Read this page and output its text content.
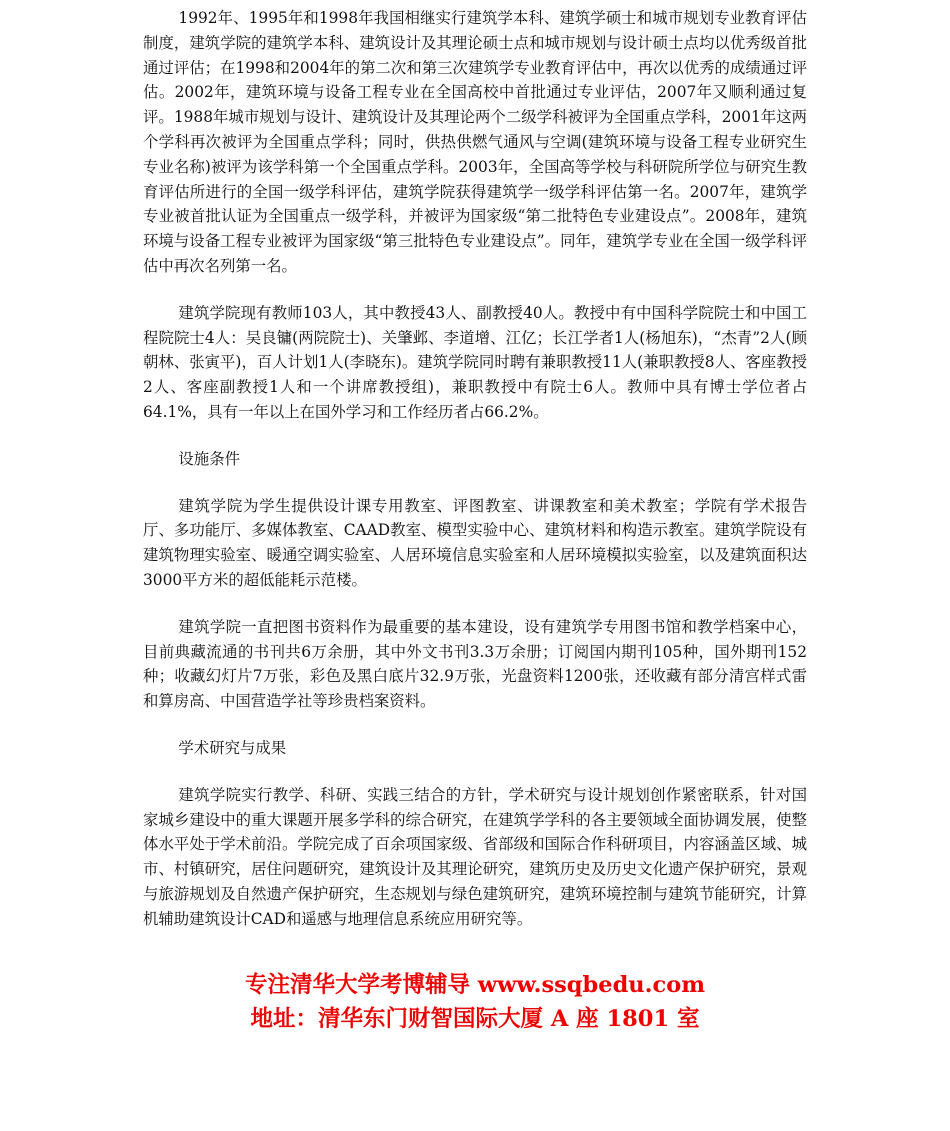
1992年、1995年和1998年我国相继实行建筑学本科、建筑学硕士和城市规划专业教育评估制度，建筑学院的建筑学本科、建筑设计及其理论硕士点和城市规划与设计硕士点均以优秀级首批通过评估；在1998和2004年的第二次和第三次建筑学专业教育评估中，再次以优秀的成绩通过评估。2002年，建筑环境与设备工程专业在全国高校中首批通过专业评估，2007年又顺利通过复评。1988年城市规划与设计、建筑设计及其理论两个二级学科被评为全国重点学科，2001年这两个学科再次被评为全国重点学科；同时，供热供燃气通风与空调(建筑环境与设备工程专业研究生专业名称)被评为该学科第一个全国重点学科。2003年，全国高等学校与科研院所学位与研究生教育评估所进行的全国一级学科评估，建筑学院获得建筑学一级学科评估第一名。2007年，建筑学专业被首批认证为全国重点一级学科，并被评为国家级“第二批特色专业建设点”。2008年，建筑环境与设备工程专业被评为国家级“第三批特色专业建设点”。同年，建筑学专业在全国一级学科评估中再次名列第一名。

建筑学院现有教师103人，其中教授43人、副教授40人。教授中有中国科学院院士和中国工程院院士4人：吴良镛(两院院士)、关肇邺、李道增、江亿；长江学者1人(杨旭东)，“杰青”2人(顾朝林、张寅平)，百人计划1人(李晓东)。建筑学院同时聘有兼职教授11人(兼职教授8人、客座教授2人、客座副教授1人和一个讲席教授组)，兼职教授中有院士6人。教师中具有博士学位者占64.1%，具有一年以上在国外学习和工作经历者占66.2%。

设施条件

建筑学院为学生提供设计课专用教室、评图教室、讲课教室和美术教室；学院有学术报告厅、多功能厅、多媒体教室、CAAD教室、模型实验中心、建筑材料和构造示教室。建筑学院设有建筑物理实验室、暖通空调实验室、人居环境信息实验室和人居环境模拟实验室，以及建筑面积达3000平方米的超低能耗示范楼。

建筑学院一直把图书资料作为最重要的基本建设，设有建筑学专用图书馆和教学档案中心，目前典藏流通的书刊共6万余册，其中外文书刊3.3万余册；订阅国内期刊105种，国外期刊152种；收藏幻灯片7万张，彩色及黑白底片32.9万张，光盘资料1200张，还收藏有部分清宫样式雷和算房高、中国营造学社等珍贵档案资料。

学术研究与成果

建筑学院实行教学、科研、实践三结合的方针，学术研究与设计规划创作紧密联系，针对国家城乡建设中的重大课题开展多学科的综合研究，在建筑学学科的各主要领域全面协调发展，使整体水平处于学术前沿。学院完成了百余项国家级、省部级和国际合作科研项目，内容涵盖区域、城市、村镇研究，居住问题研究，建筑设计及其理论研究，建筑历史及历史文化遗产保护研究，景观与旅游规划及自然遗产保护研究，生态规划与绿色建筑研究，建筑环境控制与建筑节能研究，计算机辅助建筑设计CAD和遥感与地理信息系统应用研究等。

专注清华大学考博辅导 www.ssqbedu.com
地址：清华东门财智国际大厦 A 座 1801 室
